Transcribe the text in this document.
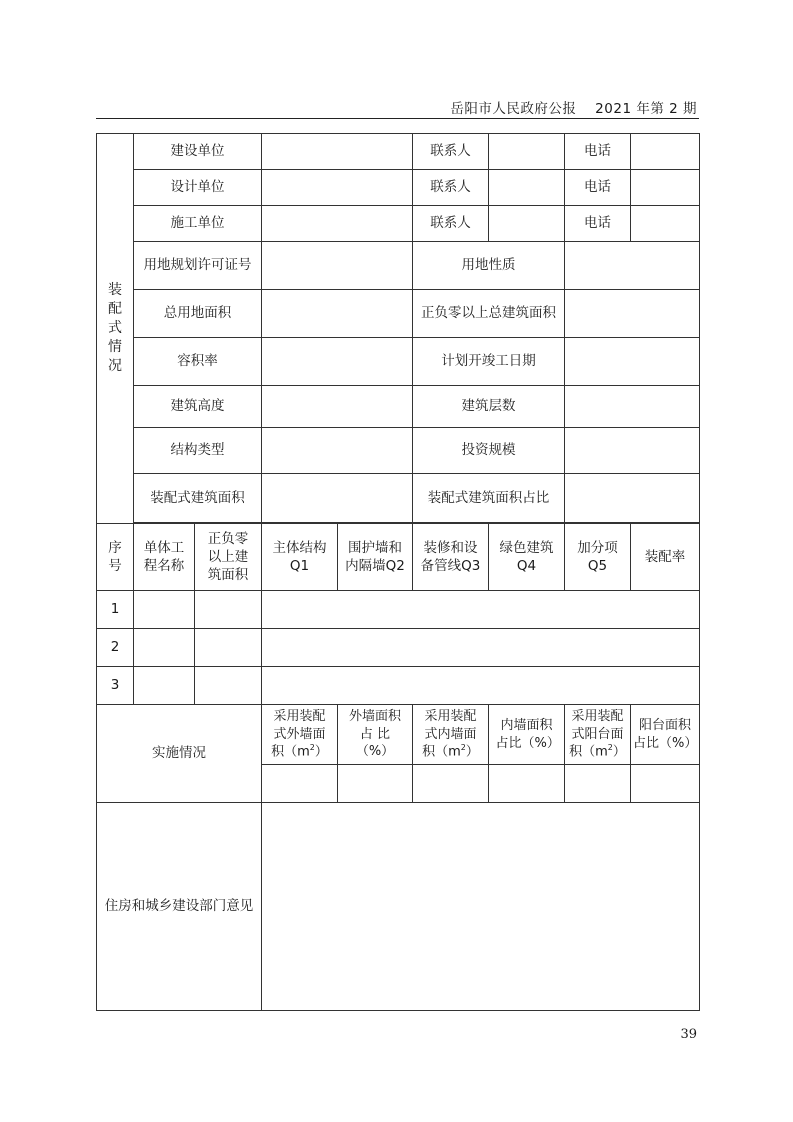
岳阳市人民政府公报 2021 年第 2 期
装
配
式
情
况	建设单位				联系人		电话	
	设计单位				联系人		电话	
	施工单位				联系人		电话	
	用地规划许可证号				用地性质			
	总用地面积				正负零以上总建筑面积			
	容积率				计划开竣工日期			
	建筑高度				建筑层数			
	结构类型				投资规模			
	装配式建筑面积				装配式建筑面积占比			

序号	单体工程名称	正负零以上建筑面积	主体结构Q1	围护墙和内隔墙Q2	装修和设备管线Q3	绿色建筑Q4	加分项Q5	装配率
1								
2								
3								
实施情况			采用装配式外墙面积$(m^2)$	外墙面积占 比（%）	采用装配式内墙面积$(m^2)$	内墙面积占比（%）	采用装配式阳台面积$(m^2)$	阳台面积占比（%）

住房和城乡建设部门意见								
39
